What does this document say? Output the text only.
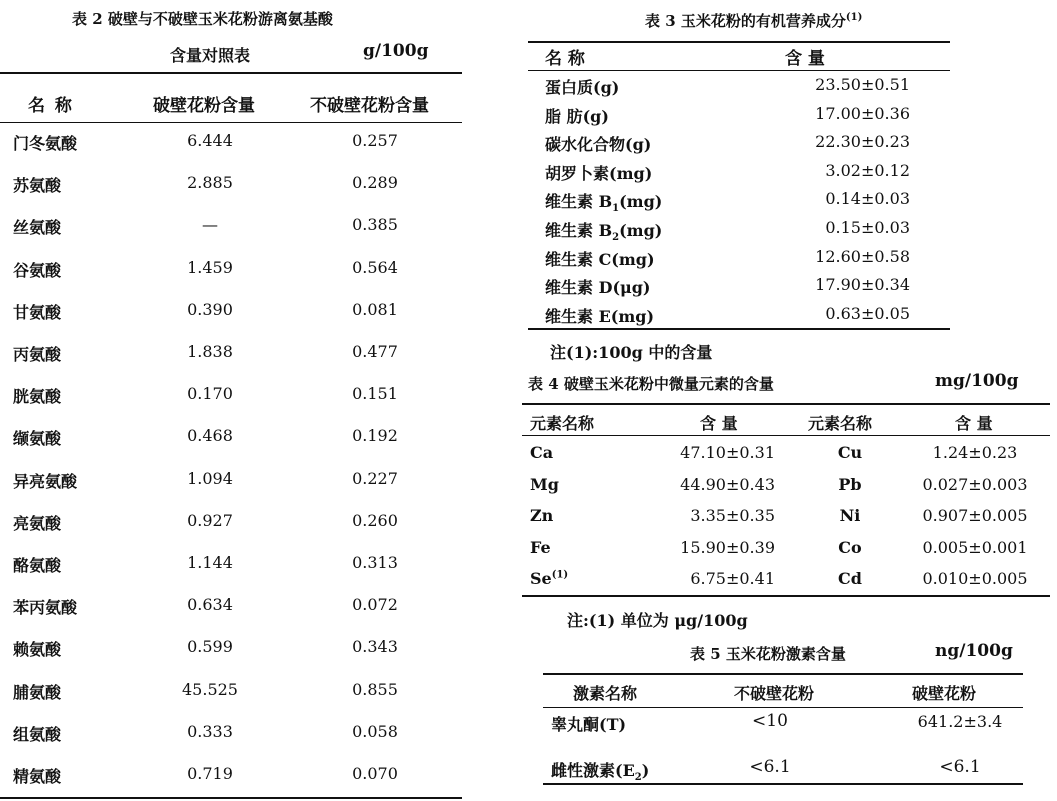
表 2 破壁与不破壁玉米花粉游离氨基酸
含量对照表	g/100g
名 称	破壁花粉含量	不破壁花粉含量
门冬氨酸	6.444	0.257
苏氨酸	2.885	0.289
丝氨酸	—	0.385
谷氨酸	1.459	0.564
甘氨酸	0.390	0.081
丙氨酸	1.838	0.477
胱氨酸	0.170	0.151
缬氨酸	0.468	0.192
异亮氨酸	1.094	0.227
亮氨酸	0.927	0.260
酪氨酸	1.144	0.313
苯丙氨酸	0.634	0.072
赖氨酸	0.599	0.343
脯氨酸	45.525	0.855
组氨酸	0.333	0.058
精氨酸	0.719	0.070
表 3 玉米花粉的有机营养成分$^{(1)}$
名 称	含 量
蛋白质(g)	23.50±0.51
脂 肪(g)	17.00±0.36
碳水化合物(g)	22.30±0.23
胡罗卜素(mg)	3.02±0.12
维生素 $B_1(mg)$	0.14±0.03
维生素 $B_2(mg)$	0.15±0.03
维生素 C(mg)	12.60±0.58
维生素 D(μg)	17.90±0.34
维生素 E(mg)	0.63±0.05
注(1):100g 中的含量
表 4 破壁玉米花粉中微量元素的含量	mg/100g
元素名称	含 量	元素名称	含 量
Ca	47.10±0.31	Cu	1.24±0.23
Mg	44.90±0.43	Pb	0.027±0.003
Zn	3.35±0.35	Ni	0.907±0.005
Fe	15.90±0.39	Co	0.005±0.001
Se$^{(1)}$	6.75±0.41	Cd	0.010±0.005
注:(1) 单位为 μg/100g
表 5 玉米花粉激素含量	ng/100g
激素名称	不破壁花粉	破壁花粉
睾丸酮(T)	<10	641.2±3.4
雌性激素$(E_2)$	<6.1	<6.1
